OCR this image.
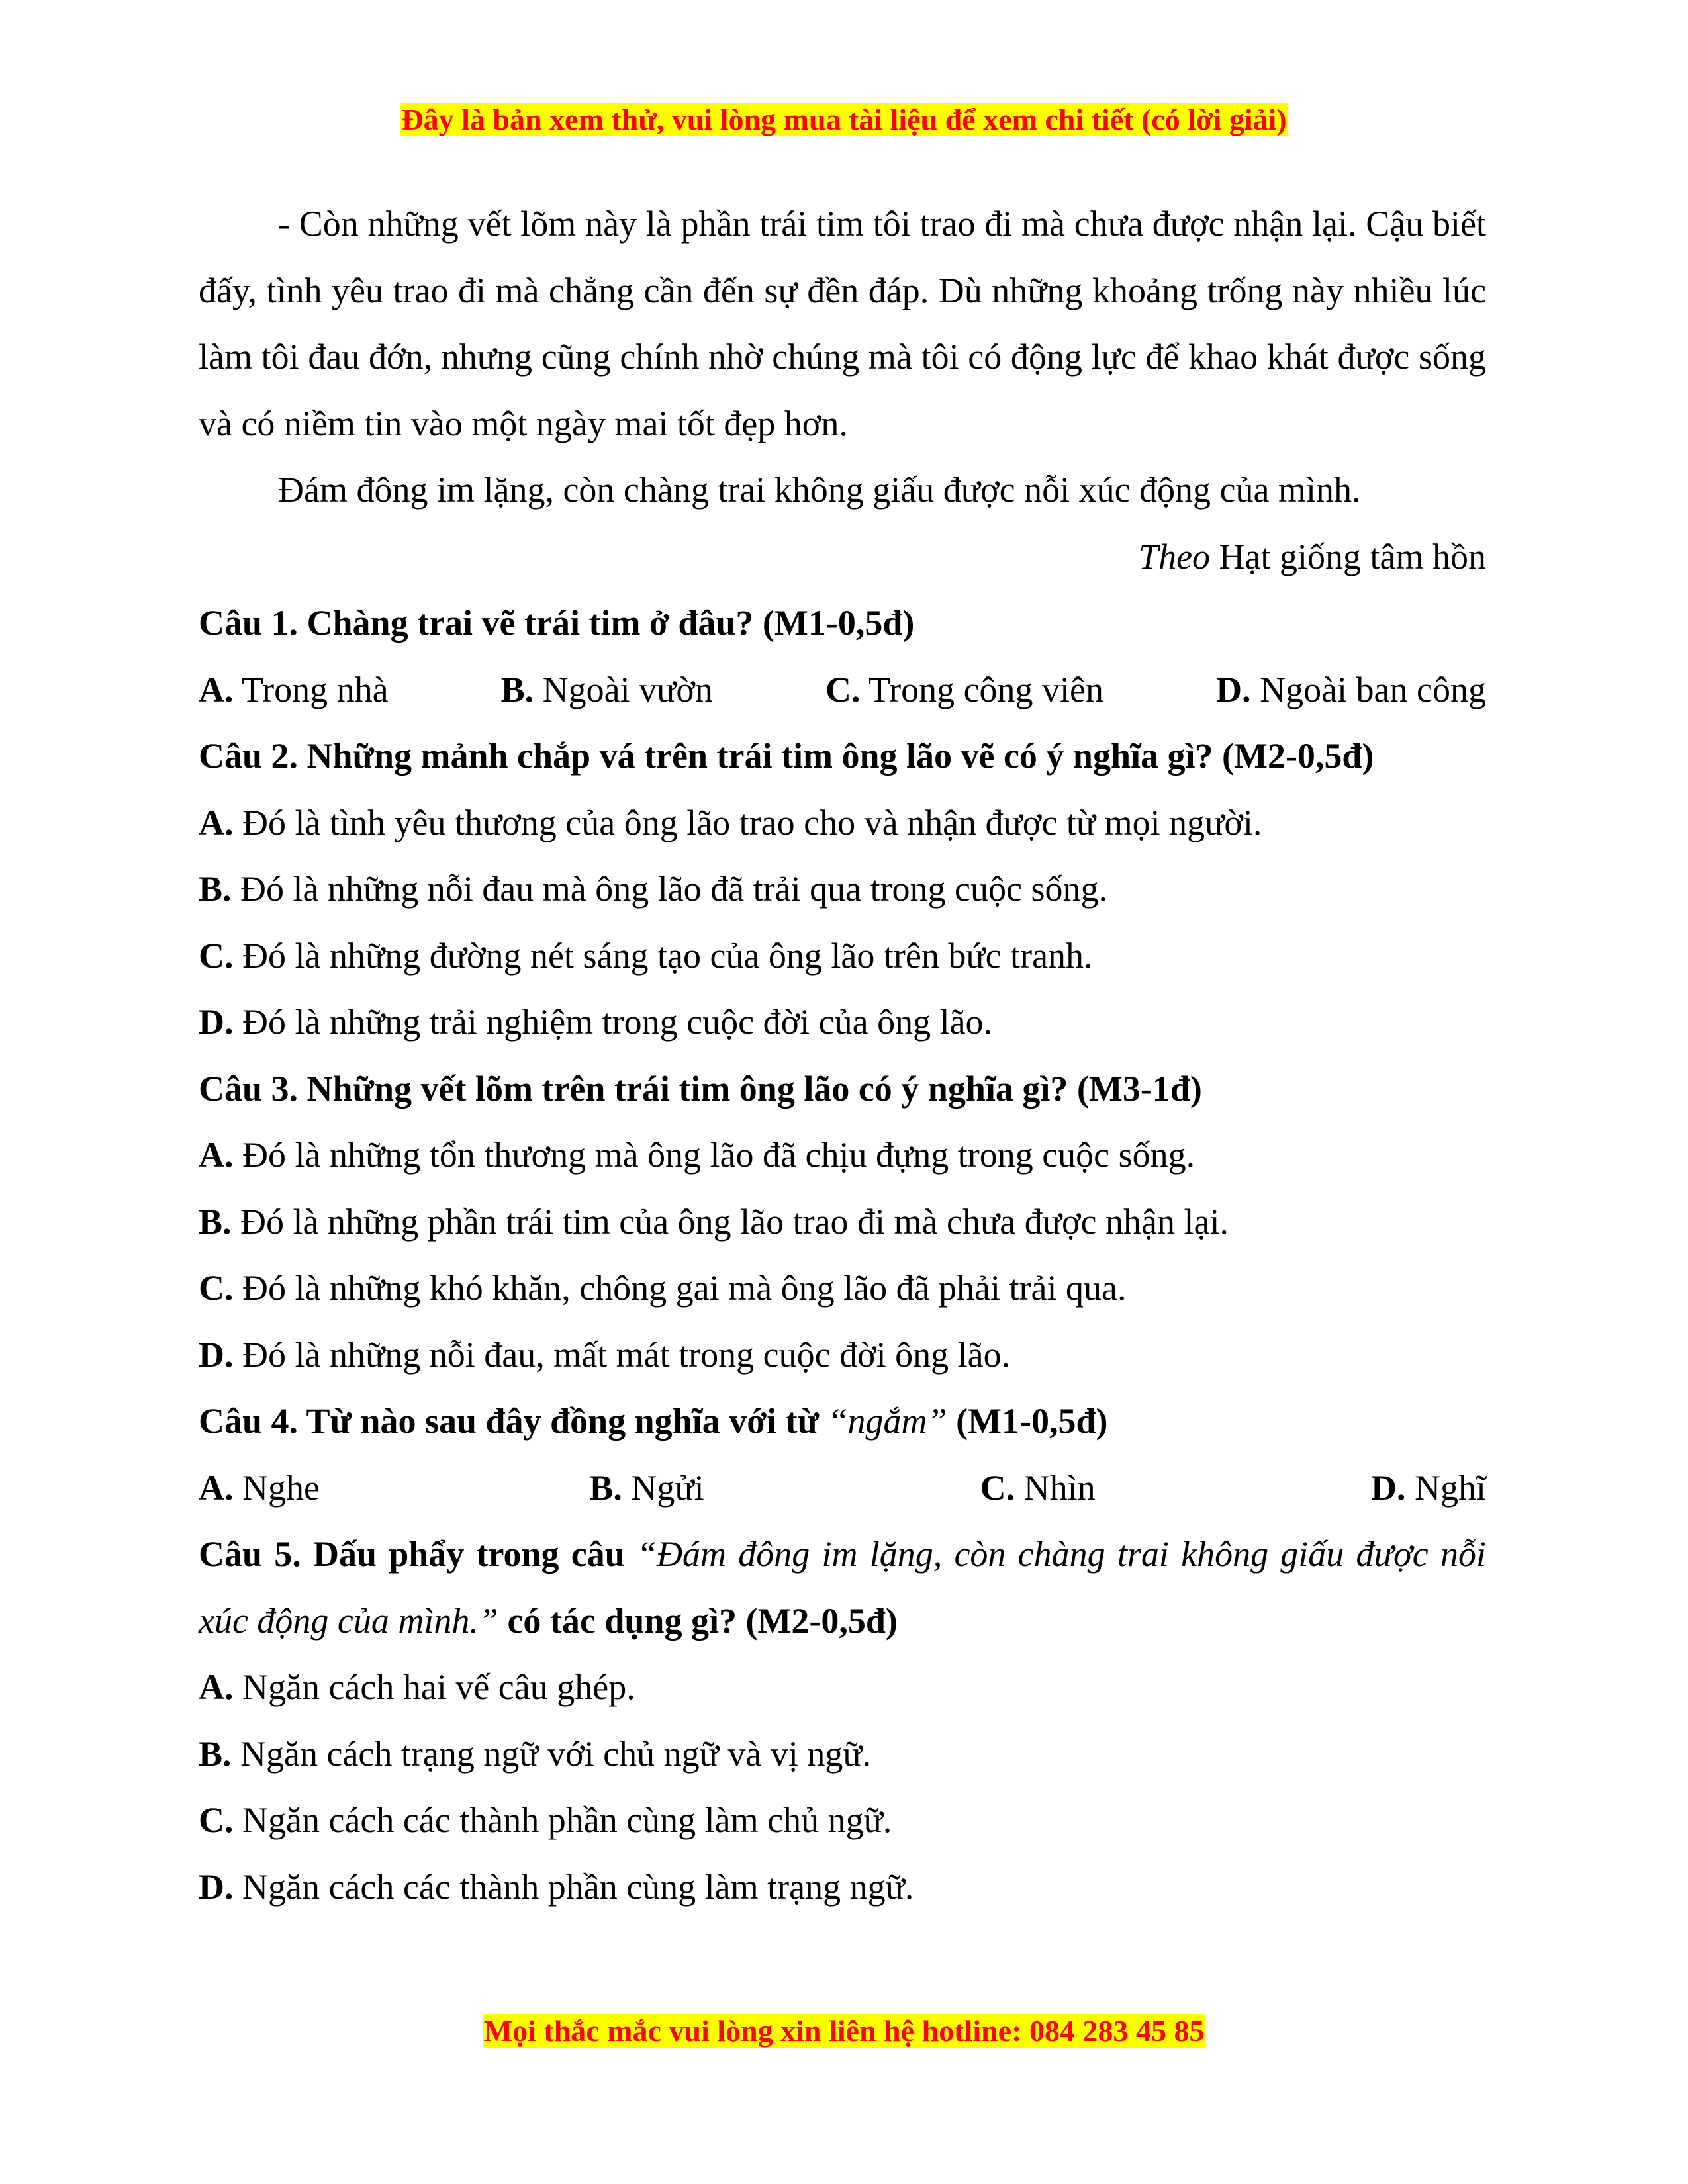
Đây là bản xem thử, vui lòng mua tài liệu để xem chi tiết (có lời giải)

- Còn những vết lõm này là phần trái tim tôi trao đi mà chưa được nhận lại. Cậu biết đấy, tình yêu trao đi mà chẳng cần đến sự đền đáp. Dù những khoảng trống này nhiều lúc làm tôi đau đớn, nhưng cũng chính nhờ chúng mà tôi có động lực để khao khát được sống và có niềm tin vào một ngày mai tốt đẹp hơn.

Đám đông im lặng, còn chàng trai không giấu được nỗi xúc động của mình.

Theo Hạt giống tâm hồn

Câu 1. Chàng trai vẽ trái tim ở đâu? (M1-0,5đ)

A. Trong nhà	B. Ngoài vườn	C. Trong công viên	D. Ngoài ban công

Câu 2. Những mảnh chắp vá trên trái tim ông lão vẽ có ý nghĩa gì? (M2-0,5đ)

A. Đó là tình yêu thương của ông lão trao cho và nhận được từ mọi người.

B. Đó là những nỗi đau mà ông lão đã trải qua trong cuộc sống.

C. Đó là những đường nét sáng tạo của ông lão trên bức tranh.

D. Đó là những trải nghiệm trong cuộc đời của ông lão.

Câu 3. Những vết lõm trên trái tim ông lão có ý nghĩa gì? (M3-1đ)

A. Đó là những tổn thương mà ông lão đã chịu đựng trong cuộc sống.

B. Đó là những phần trái tim của ông lão trao đi mà chưa được nhận lại.

C. Đó là những khó khăn, chông gai mà ông lão đã phải trải qua.

D. Đó là những nỗi đau, mất mát trong cuộc đời ông lão.

Câu 4. Từ nào sau đây đồng nghĩa với từ “ngắm” (M1-0,5đ)

A. Nghe	B. Ngửi	C. Nhìn	D. Nghĩ

Câu 5. Dấu phẩy trong câu “Đám đông im lặng, còn chàng trai không giấu được nỗi xúc động của mình.” có tác dụng gì? (M2-0,5đ)

A. Ngăn cách hai vế câu ghép.

B. Ngăn cách trạng ngữ với chủ ngữ và vị ngữ.

C. Ngăn cách các thành phần cùng làm chủ ngữ.

D. Ngăn cách các thành phần cùng làm trạng ngữ.

Mọi thắc mắc vui lòng xin liên hệ hotline: 084 283 45 85
